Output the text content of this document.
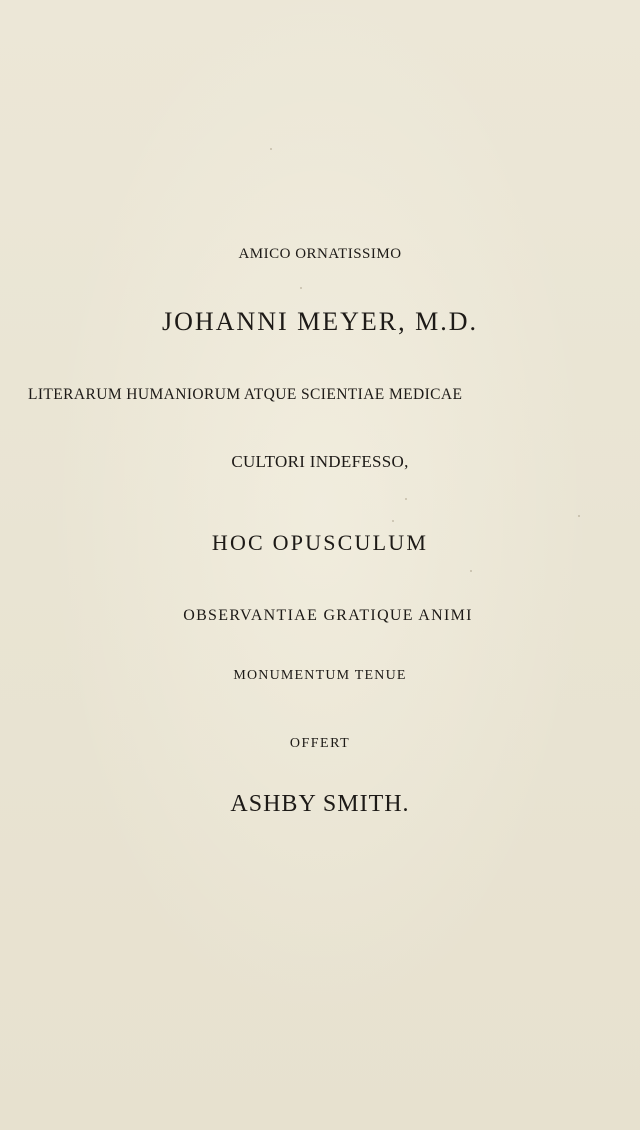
AMICO ORNATISSIMO
JOHANNI MEYER, M.D.
LITERARUM HUMANIORUM ATQUE SCIENTIAE MEDICAE
CULTORI INDEFESSO,
HOC OPUSCULUM
OBSERVANTIAE GRATIQUE ANIMI
MONUMENTUM TENUE
OFFERT
ASHBY SMITH.
